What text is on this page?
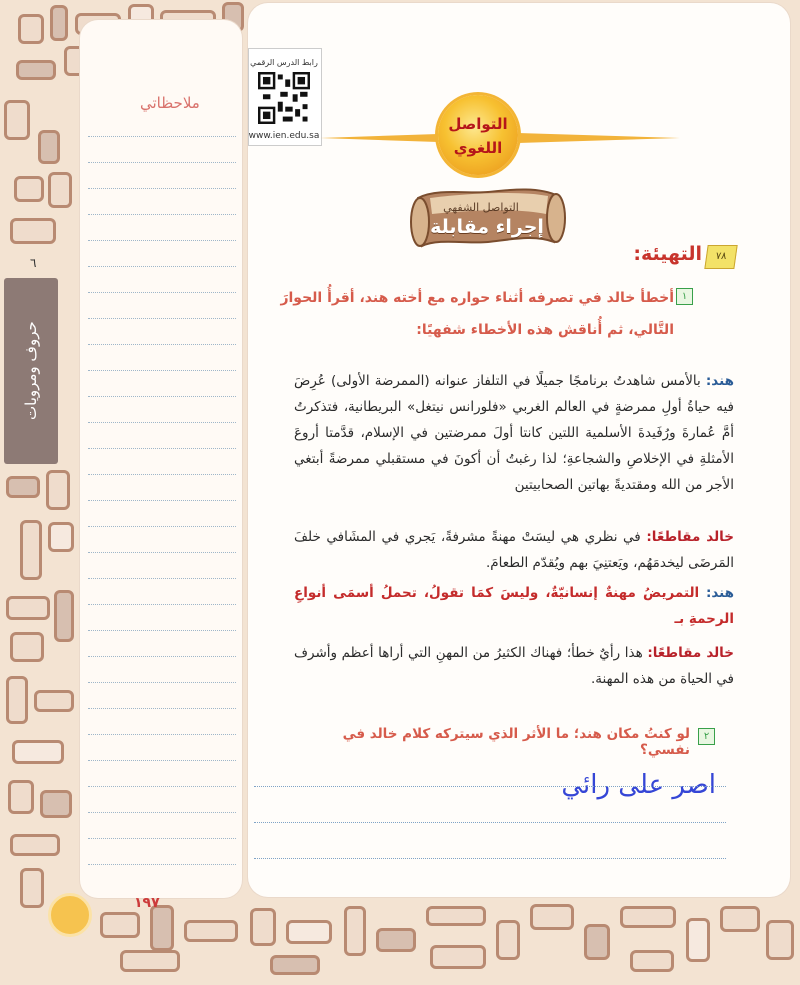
ملاحظاتي
٦
حروف ومرويات
رابط الدرس الرقمي
www.ien.edu.sa
التواصل
اللغوي
التواصل الشفهي
إجراء مقابلة
٧٨
التهيئة:
١
أخطأ خالد في تصرفه أثناء حواره مع أخته هند، أقرأُ الحوارَ
التَّالي، ثم أُناقش هذه الأخطاء شفهيًا:
هند: بالأمس شاهدتُ برنامجًا جميلًا في التلفاز عنوانه (الممرضة الأولى) عُرِضَ فيه حياةُ أولِ ممرضةٍ في العالم الغربي «فلورانس نيتغل» البريطانية، فتذكرتُ أمَّ عُمارةَ ورُفَيدةَ الأسلمية اللتين كانتا أولَ ممرضتين في الإسلام، قدَّمتا أروعَ الأمثلةِ في الإخلاصِ والشجاعةِ؛ لذا رغبتُ أن أكونَ في مستقبلي ممرضةً أبتغي الأجر من الله ومقتديةً بهاتين الصحابيتين
خالد مقاطعًا: في نظري هي ليسَتْ مهنةً مشرفةً، يَجري في المشَافي خلفَ المَرضَى ليخدمَهُم، ويَعتنِيَ بهم ويُقدّم الطعامَ.
هند: التمريضُ مهنةٌ إنسانيّةٌ، وليسَ كمَا تقولُ، تحملُ أسمَى أنواعِ الرحمةِ بـ
خالد مقاطعًا: هذا رأيٌ خطأ؛ فهناك الكثيرُ من المهنِ التي أراها أعظم وأشرف في الحياة من هذه المهنة.
٢
لو كنتُ مكان هند؛ ما الأثر الذي سيتركه كلام خالد في نفسي؟
اصر على رائي
١٩٧
